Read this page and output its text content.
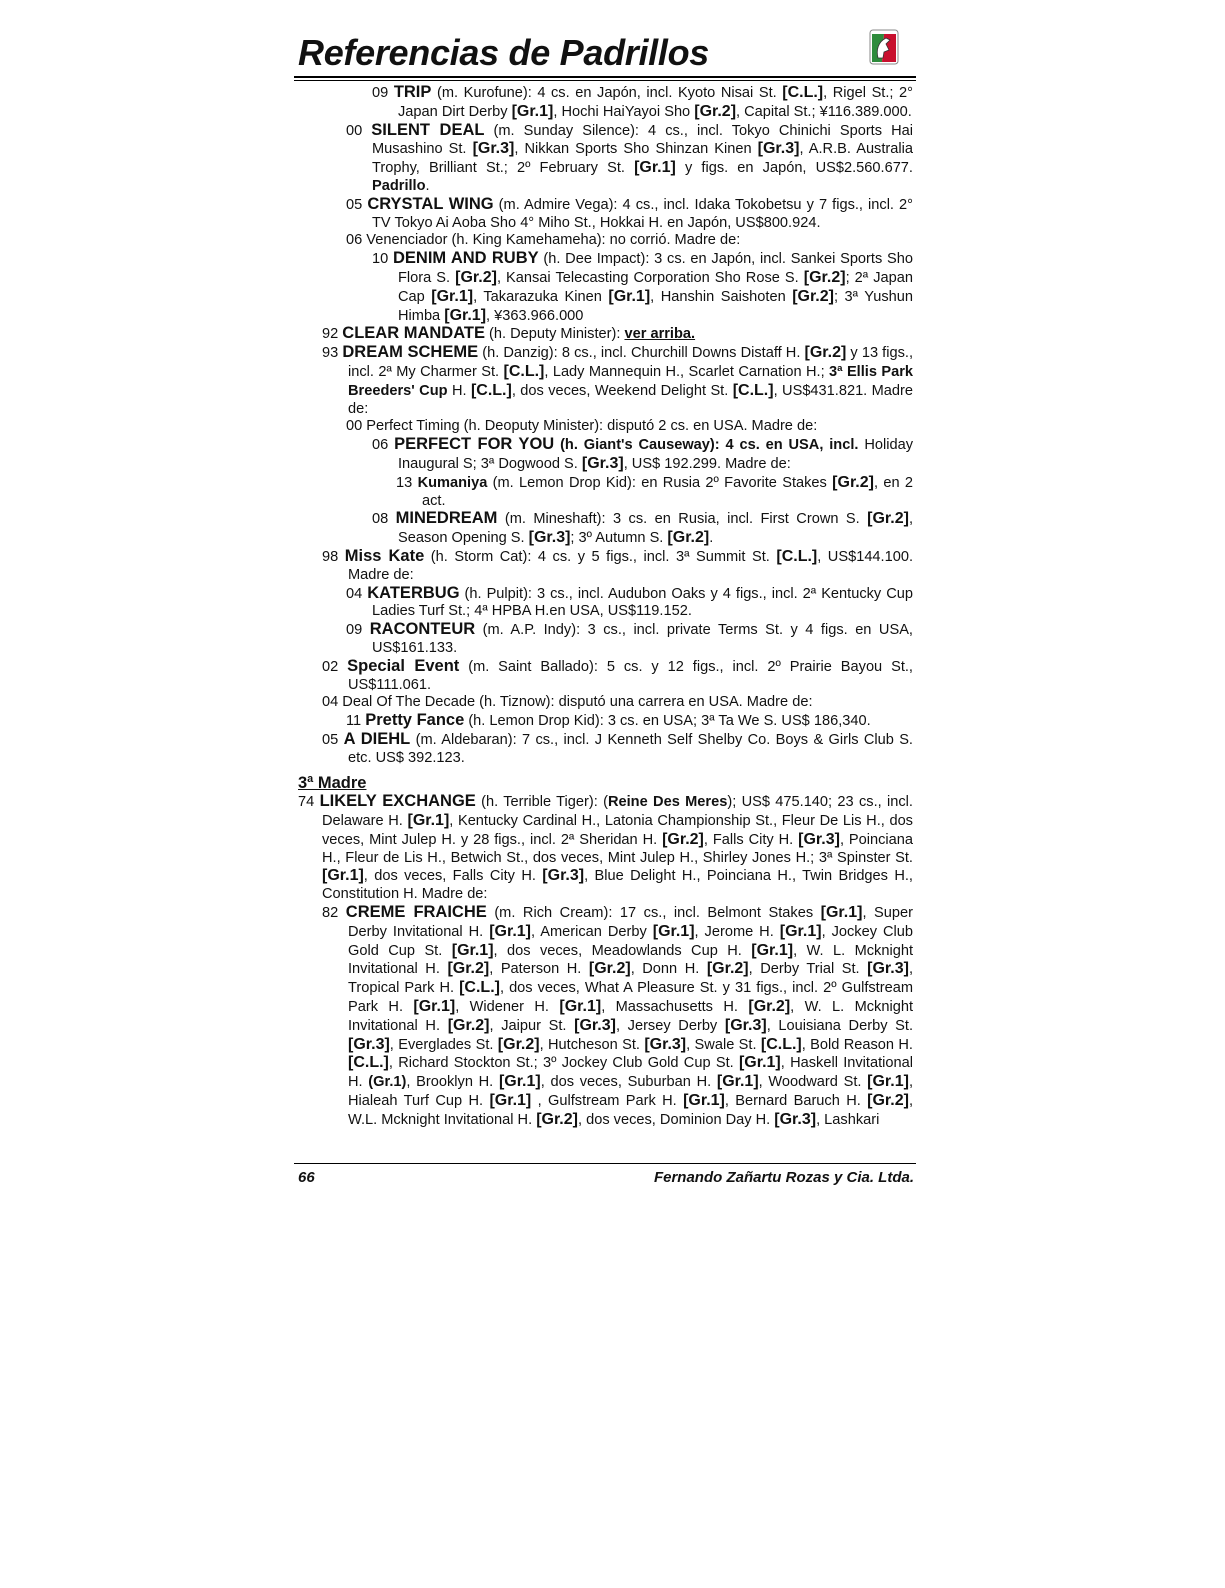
Referencias de Padrillos

09 TRIP (m. Kurofune): 4 cs. en Japón, incl. Kyoto Nisai St. [C.L.], Rigel St.; 2° Japan Dirt Derby [Gr.1], Hochi HaiYayoi Sho [Gr.2], Capital St.; ¥116.389.000.

00 SILENT DEAL (m. Sunday Silence): 4 cs., incl. Tokyo Chinichi Sports Hai Musashino St. [Gr.3], Nikkan Sports Sho Shinzan Kinen [Gr.3], A.R.B. Australia Trophy, Brilliant St.; 2º February St. [Gr.1] y figs. en Japón, US$2.560.677. Padrillo.

05 CRYSTAL WING (m. Admire Vega): 4 cs., incl. Idaka Tokobetsu y 7 figs., incl. 2° TV Tokyo Ai Aoba Sho 4° Miho St., Hokkai H. en Japón, US$800.924.

06 Venenciador (h. King Kamehameha): no corrió. Madre de:

10 DENIM AND RUBY (h. Dee Impact): 3 cs. en Japón, incl. Sankei Sports Sho Flora S. [Gr.2], Kansai Telecasting Corporation Sho Rose S. [Gr.2]; 2ª Japan Cap [Gr.1], Takarazuka Kinen [Gr.1], Hanshin Saishoten [Gr.2]; 3ª Yushun Himba [Gr.1], ¥363.966.000

92 CLEAR MANDATE (h. Deputy Minister): ver arriba.

93 DREAM SCHEME (h. Danzig): 8 cs., incl. Churchill Downs Distaff H. [Gr.2] y 13 figs., incl. 2ª My Charmer St. [C.L.], Lady Mannequin H., Scarlet Carnation H.; 3ª Ellis Park Breeders' Cup H. [C.L.], dos veces, Weekend Delight St. [C.L.], US$431.821. Madre de:

00 Perfect Timing (h. Deoputy Minister): disputó 2 cs. en USA. Madre de:

06 PERFECT FOR YOU (h. Giant's Causeway): 4 cs. en USA, incl. Holiday Inaugural S; 3ª Dogwood S. [Gr.3], US$ 192.299. Madre de:

13 Kumaniya (m. Lemon Drop Kid): en Rusia 2º Favorite Stakes [Gr.2], en 2 act.

08 MINEDREAM (m. Mineshaft): 3 cs. en Rusia, incl. First Crown S. [Gr.2], Season Opening S. [Gr.3]; 3º Autumn S. [Gr.2].

98 Miss Kate (h. Storm Cat): 4 cs. y 5 figs., incl. 3ª Summit St. [C.L.], US$144.100. Madre de:

04 KATERBUG (h. Pulpit): 3 cs., incl. Audubon Oaks y 4 figs., incl. 2ª Kentucky Cup Ladies Turf St.; 4ª HPBA H.en USA, US$119.152.

09 RACONTEUR (m. A.P. Indy): 3 cs., incl. private Terms St. y 4 figs. en USA, US$161.133.

02 Special Event (m. Saint Ballado): 5 cs. y 12 figs., incl. 2º Prairie Bayou St., US$111.061.

04 Deal Of The Decade (h. Tiznow): disputó una carrera en USA. Madre de:

11 Pretty Fance (h. Lemon Drop Kid): 3 cs. en USA; 3ª Ta We S. US$ 186,340.

05 A DIEHL (m. Aldebaran): 7 cs., incl. J Kenneth Self Shelby Co. Boys & Girls Club S. etc. US$ 392.123.

3ª Madre

74 LIKELY EXCHANGE (h. Terrible Tiger): (Reine Des Meres); US$ 475.140; 23 cs., incl. Delaware H. [Gr.1], Kentucky Cardinal H., Latonia Championship St., Fleur De Lis H., dos veces, Mint Julep H. y 28 figs., incl. 2ª Sheridan H. [Gr.2], Falls City H. [Gr.3], Poinciana H., Fleur de Lis H., Betwich St., dos veces, Mint Julep H., Shirley Jones H.; 3ª Spinster St. [Gr.1], dos veces, Falls City H. [Gr.3], Blue Delight H., Poinciana H., Twin Bridges H., Constitution H. Madre de:

82 CREME FRAICHE (m. Rich Cream): 17 cs., incl. Belmont Stakes [Gr.1], Super Derby Invitational H. [Gr.1], American Derby [Gr.1], Jerome H. [Gr.1], Jockey Club Gold Cup St. [Gr.1], dos veces, Meadowlands Cup H. [Gr.1], W. L. Mcknight Invitational H. [Gr.2], Paterson H. [Gr.2], Donn H. [Gr.2], Derby Trial St. [Gr.3], Tropical Park H. [C.L.], dos veces, What A Pleasure St. y 31 figs., incl. 2º Gulfstream Park H. [Gr.1], Widener H. [Gr.1], Massachusetts H. [Gr.2], W. L. Mcknight Invitational H. [Gr.2], Jaipur St. [Gr.3], Jersey Derby [Gr.3], Louisiana Derby St. [Gr.3], Everglades St. [Gr.2], Hutcheson St. [Gr.3], Swale St. [C.L.], Bold Reason H. [C.L.], Richard Stockton St.; 3º Jockey Club Gold Cup St. [Gr.1], Haskell Invitational H. (Gr.1), Brooklyn H. [Gr.1], dos veces, Suburban H. [Gr.1], Woodward St. [Gr.1], Hialeah Turf Cup H. [Gr.1] , Gulfstream Park H. [Gr.1], Bernard Baruch H. [Gr.2], W.L. Mcknight Invitational H. [Gr.2], dos veces, Dominion Day H. [Gr.3], Lashkari

66	Fernando Zañartu Rozas y Cia. Ltda.
